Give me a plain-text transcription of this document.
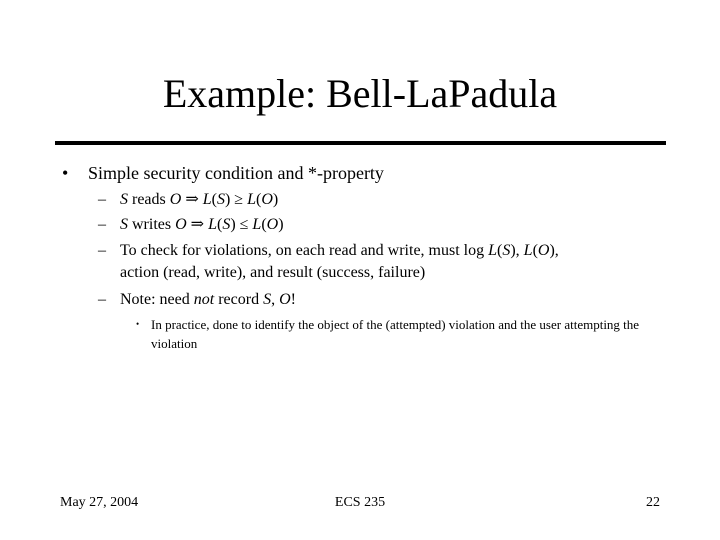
Example: Bell-LaPadula
• Simple security condition and *-property
– S reads O ⇒ L(S) ≥ L(O)
– S writes O ⇒ L(S) ≤ L(O)
– To check for violations, on each read and write, must log L(S), L(O),
action (read, write), and result (success, failure)
– Note: need not record S, O!
• In practice, done to identify the object of the (attempted) violation and the user attempting the violation
May 27, 2004	ECS 235	22
